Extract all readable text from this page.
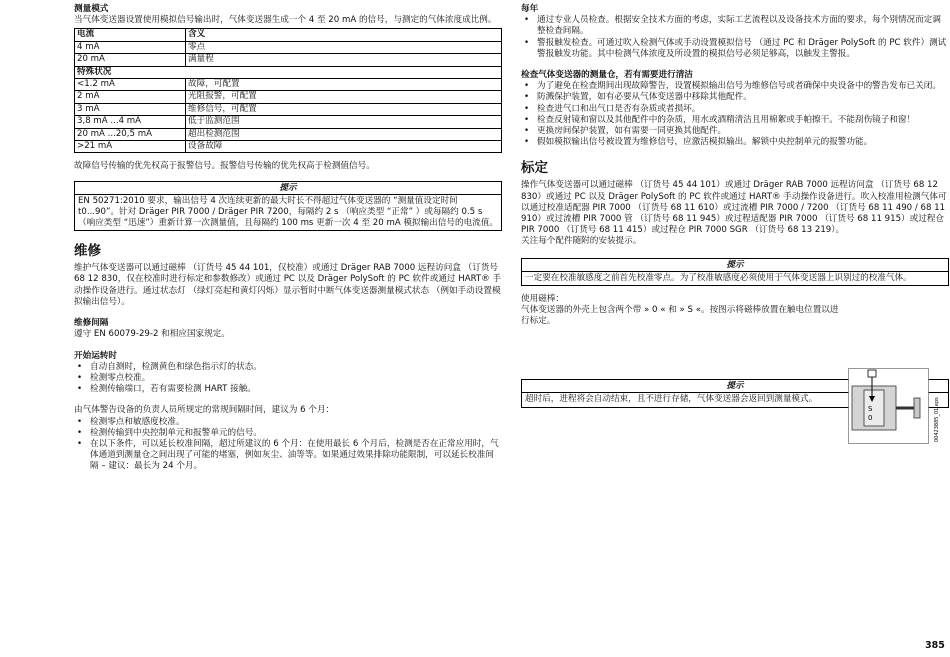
测量模式

当气体变送器设置使用模拟信号输出时，气体变送器生成一个 4 至 20 mA 的信号，与测定的气体浓度成比例。

电流	含义
4 mA	零点
20 mA	满量程
特殊状况	
<1.2 mA	故障，可配置
2 mA	光阻报警，可配置
3 mA	维修信号，可配置
3,8 mA ...4 mA	低于监测范围
20 mA ...20,5 mA	超出检测范围
>21 mA	设备故障

故障信号传输的优先权高于报警信号。报警信号传输的优先权高于检测值信号。

提示
EN 50271:2010 要求，输出信号 4 次连续更新的最大时长不得超过气体变送器的 “测量值设定时间 t0...90”。针对 Dräger PIR 7000 / Dräger PIR 7200，每隔约 2 s （响应类型 “正常” ）或每隔约 0.5 s（响应类型 “迅速”）重新计算一次测量值，且每隔约 100 ms 更新一次 4 至 20 mA 模拟输出信号的电流值。

维修

维护气体变送器可以通过磁棒 （订货号 45 44 101，仅校准）或通过 Dräger RAB 7000 远程访问盒 （订货号 68 12 830，仅在校准时进行标定和参数修改）或通过 PC 以及 Dräger PolySoft 的 PC 软件或通过 HART® 手动操作设备进行。通过状态灯 （绿灯亮起和黄灯闪烁）显示暂时中断气体变送器测量模式状态 （例如手动设置模拟输出信号）。

维修间隔

遵守 EN 60079-29-2 和相应国家规定。

开始运转时

• 自动自测时，检测黄色和绿色指示灯的状态。
• 检测零点校准。
• 检测传输端口，若有需要检测 HART 接触。

由气体警告设备的负责人员所规定的常规间隔时间，建议为 6 个月：

• 检测零点和敏感度校准。
• 检测传输到中央控制单元和报警单元的信号。
• 在以下条件，可以延长校准间隔，超过所建议的 6 个月：在使用最长 6 个月后，检测是否在正常应用时，气体通道到测量仓之间出现了可能的堵塞，例如灰尘、油等等。如果通过效果排除功能限制，可以延长校准间隔 – 建议：最长为 24 个月。

每年

• 通过专业人员检查。根据安全技术方面的考虑，实际工艺流程以及设备技术方面的要求，每个别情况而定调整检查间隔。
• 警报触发检查。可通过吹入检测气体或手动设置模拟信号 （通过 PC 和 Dräger PolySoft 的 PC 软件）测试警报触发功能。其中检测气体浓度及所设置的模拟信号必须足够高，以触发主警报。

检查气体变送器的测量仓，若有需要进行清洁

• 为了避免在检查期间出现故障警告，设置模拟输出信号为维修信号或者确保中央设备中的警告发布已关闭。
• 防溅保护装置，如有必要从气体变送器中移除其他配件。
• 检查进气口和出气口是否有杂质或者损坏。
• 检查反射镜和窗以及其他配件中的杂质，用水或酒精清洁且用棉絮或手帕擦干。不能刮伤镜子和窗！
• 更换房间保护装置，如有需要一同更换其他配件。
• 假如模拟输出信号被设置为维修信号，应激活模拟输出。解锁中央控制单元的报警功能。

标定

操作气体变送器可以通过磁棒 （订货号 45 44 101）或通过 Dräger RAB 7000 远程访问盒 （订货号 68 12 830）或通过 PC 以及 Dräger PolySoft 的 PC 软件或通过 HART® 手动操作设备进行。吹入校准用检测气体可以通过校准适配器 PIR 7000 （订货号 68 11 610）或过流槽 PIR 7000 / 7200 （订货号 68 11 490 / 68 11 910）或过流槽 PIR 7000 管 （订货号 68 11 945）或过程适配器 PIR 7000 （订货号 68 11 915）或过程仓 PIR 7000 （订货号 68 11 415）或过程仓 PIR 7000 SGR （订货号 68 13 219）。

关注每个配件随附的安装提示。

提示
一定要在校准敏感度之前首先校准零点。为了校准敏感度必须使用于气体变送器上识别过的校准气体。

使用磁棒：

气体变送器的外壳上包含两个带 » 0 « 和 » S «。按图示将磁棒放置在触电位置以进行标定。

提示
超时后，进程将会自动结束，且不进行存储，气体变送器会返回到测量模式。
S
0	00423885_01.eps
385
